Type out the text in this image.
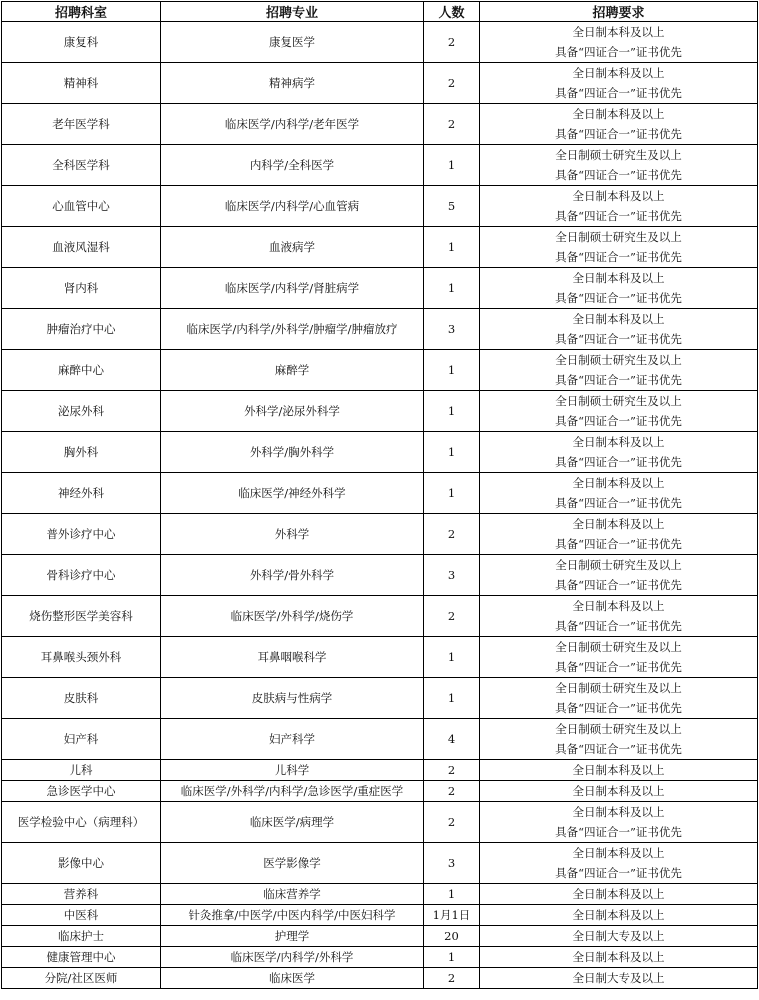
招聘科室	招聘专业	人数	招聘要求
康复科	康复医学	2	全日制本科及以上
具备“四证合一”证书优先

精神科	精神病学	2	全日制本科及以上
具备“四证合一”证书优先

老年医学科	临床医学/内科学/老年医学	2	全日制本科及以上
具备“四证合一”证书优先

全科医学科	内科学/全科医学	1	全日制硕士研究生及以上
具备“四证合一”证书优先

心血管中心	临床医学/内科学/心血管病	5	全日制本科及以上
具备“四证合一”证书优先

血液风湿科	血液病学	1	全日制硕士研究生及以上
具备“四证合一”证书优先

肾内科	临床医学/内科学/肾脏病学	1	全日制本科及以上
具备“四证合一”证书优先

肿瘤治疗中心	临床医学/内科学/外科学/肿瘤学/肿瘤放疗	3	全日制本科及以上
具备“四证合一”证书优先

麻醉中心	麻醉学	1	全日制硕士研究生及以上
具备“四证合一”证书优先

泌尿外科	外科学/泌尿外科学	1	全日制硕士研究生及以上
具备“四证合一”证书优先

胸外科	外科学/胸外科学	1	全日制本科及以上
具备“四证合一”证书优先

神经外科	临床医学/神经外科学	1	全日制本科及以上
具备“四证合一”证书优先

普外诊疗中心	外科学	2	全日制本科及以上
具备“四证合一”证书优先

骨科诊疗中心	外科学/骨外科学	3	全日制硕士研究生及以上
具备“四证合一”证书优先

烧伤整形医学美容科	临床医学/外科学/烧伤学	2	全日制本科及以上
具备“四证合一”证书优先

耳鼻喉头颈外科	耳鼻咽喉科学	1	全日制硕士研究生及以上
具备“四证合一”证书优先

皮肤科	皮肤病与性病学	1	全日制硕士研究生及以上
具备“四证合一”证书优先

妇产科	妇产科学	4	全日制硕士研究生及以上
具备“四证合一”证书优先

儿科	儿科学	2	全日制本科及以上

急诊医学中心	临床医学/外科学/内科学/急诊医学/重症医学	2	全日制本科及以上

医学检验中心（病理科）	临床医学/病理学	2	全日制本科及以上
具备“四证合一”证书优先

影像中心	医学影像学	3	全日制本科及以上
具备“四证合一”证书优先

营养科	临床营养学	1	全日制本科及以上

中医科	针灸推拿/中医学/中医内科学/中医妇科学	1月1日	全日制本科及以上

临床护士	护理学	20	全日制大专及以上

健康管理中心	临床医学/内科学/外科学	1	全日制本科及以上

分院/社区医师	临床医学	2	全日制大专及以上
